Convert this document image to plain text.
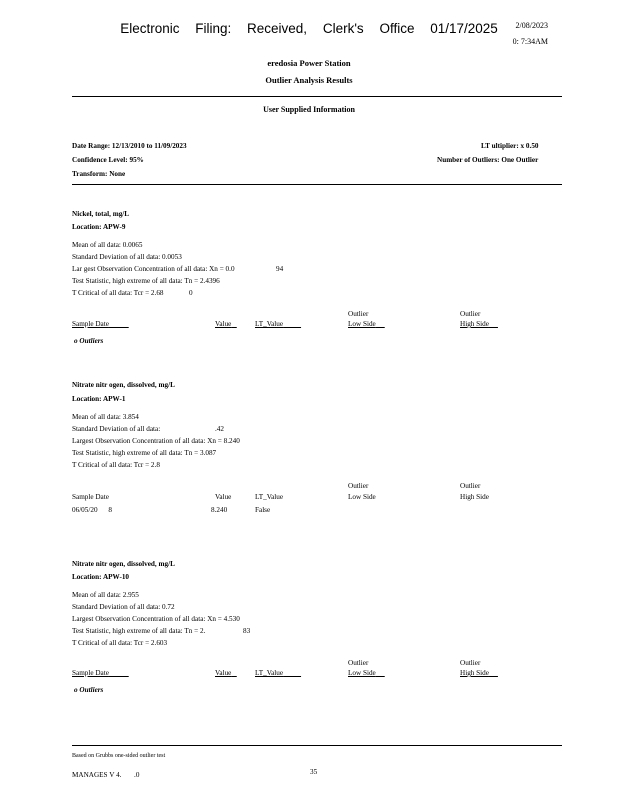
Electronic Filing: Received, Clerk's Office 01/17/2025	2/08/2023
0: 7:34AM
eredosia Power Station
Outlier Analysis Results
User Supplied Information
Date Range: 12/13/2010 to 11/09/2023
Confidence Level: 95%
Transform: None
LT ultiplier: x 0.50
Number of Outliers: One Outlier
Nickel, total, mg/L
Location: APW-9
Mean of all data: 0.0065
Standard Deviation of all data: 0.0053
Lar gest Observation Concentration of all data: Xn = 0.0	94
Test Statistic, high extreme of all data: Tn = 2.4396
T Critical of all data: Tcr = 2.68	0
Outlier	Outlier
Sample Date	Value	LT_Value	Low Side	High Side
o Outliers
Nitrate nitr ogen, dissolved, mg/L
Location: APW-1
Mean of all data: 3.854
Standard Deviation of all data:	.42
Largest Observation Concentration of all data: Xn = 8.240
Test Statistic, high extreme of all data: Tn = 3.087
T Critical of all data: Tcr = 2.8
Outlier	Outlier
Sample Date	Value	LT_Value	Low Side	High Side
06/05/20 8	8.240	False
Nitrate nitr ogen, dissolved, mg/L
Location: APW-10
Mean of all data: 2.955
Standard Deviation of all data: 0.72
Largest Observation Concentration of all data: Xn = 4.530
Test Statistic, high extreme of all data: Tn = 2.	83
T Critical of all data: Tcr = 2.603
Outlier	Outlier
Sample Date	Value	LT_Value	Low Side	High Side
o Outliers
Based on Grubbs one-sided outlier test
MANAGES V 4. .0	35
